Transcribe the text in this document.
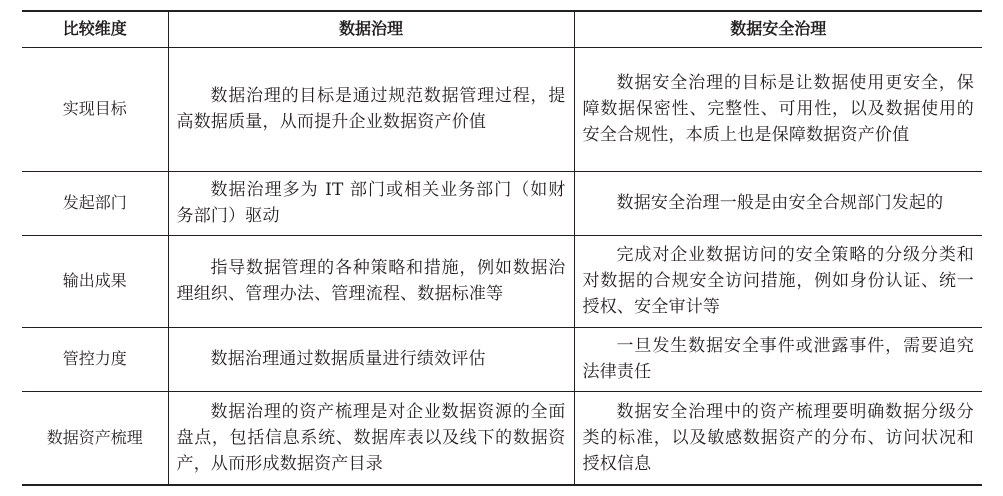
比较维度	数据治理	数据安全治理
实现目标	数据治理的目标是通过规范数据管理过程，提高数据质量，从而提升企业数据资产价值	数据安全治理的目标是让数据使用更安全，保障数据保密性、完整性、可用性，以及数据使用的安全合规性，本质上也是保障数据资产价值
发起部门	数据治理多为 IT 部门或相关业务部门（如财务部门）驱动	数据安全治理一般是由安全合规部门发起的
输出成果	指导数据管理的各种策略和措施，例如数据治理组织、管理办法、管理流程、数据标准等	完成对企业数据访问的安全策略的分级分类和对数据的合规安全访问措施，例如身份认证、统一授权、安全审计等
管控力度	数据治理通过数据质量进行绩效评估	一旦发生数据安全事件或泄露事件，需要追究法律责任
数据资产梳理	数据治理的资产梳理是对企业数据资源的全面盘点，包括信息系统、数据库表以及线下的数据资产，从而形成数据资产目录	数据安全治理中的资产梳理要明确数据分级分类的标准，以及敏感数据资产的分布、访问状况和授权信息
